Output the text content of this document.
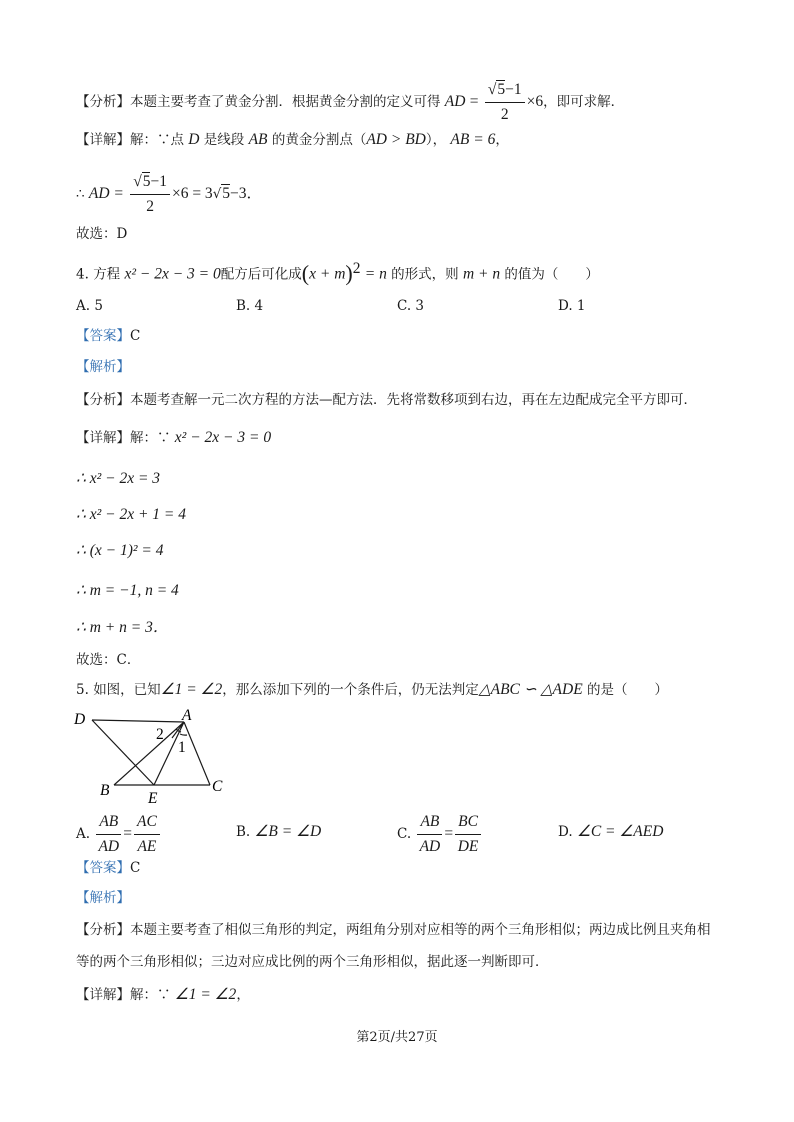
【分析】本题主要考查了黄金分割．根据黄金分割的定义可得 AD = $\frac{√5-1}{2} \times 6$，即可求解．
【详解】解：∵点 D 是线段 AB 的黄金分割点（AD > BD）， AB = 6，
∴ AD = $\frac{√5-1}{2} \times 6 = 3√5-3$．
故选：D
4. 方程 x² − 2x − 3 = 0配方后可化成$(x + m)^2 = n$ 的形式，则 m + n 的值为（　　）
A. 5	B. 4	C. 3	D. 1
【答案】C
【解析】
【分析】本题考查解一元二次方程的方法—配方法．先将常数移项到右边，再在左边配成完全平方即可．
【详解】解：∵ x² − 2x − 3 = 0
∴ x² − 2x = 3
∴ x² − 2x + 1 = 4
∴ (x − 1)² = 4
∴ m = −1, n = 4
∴ m + n = 3．
故选：C．
5. 如图，已知∠1 = ∠2，那么添加下列的一个条件后，仍无法判定△ABC ∽ △ADE 的是（　　）
D	A
2
1
B E
C
A. $\frac{AB}{AD} = \frac{AC}{AE}$	B. ∠B = ∠D	C. $\frac{AB}{AD} = \frac{BC}{DE}$	D. ∠C = ∠AED
【答案】C
【解析】
【分析】本题主要考查了相似三角形的判定，两组角分别对应相等的两个三角形相似；两边成比例且夹角相
等的两个三角形相似；三边对应成比例的两个三角形相似，据此逐一判断即可．
【详解】解：∵ ∠1 = ∠2，
第2页/共27页
